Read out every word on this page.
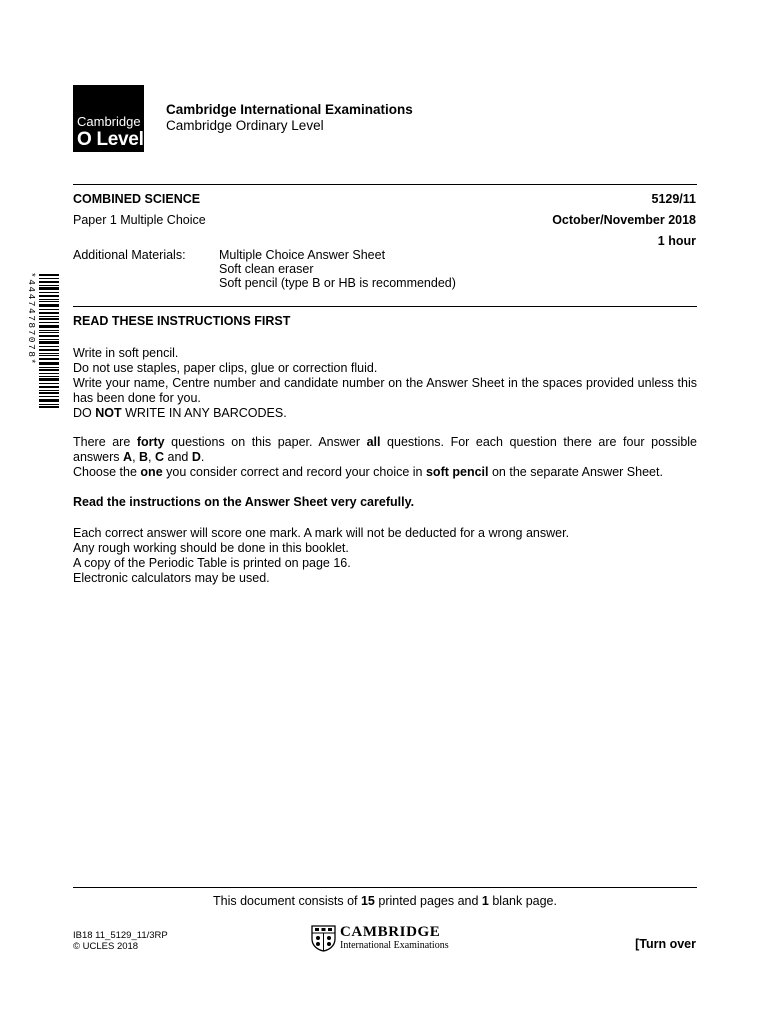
Cambridge
O Level
Cambridge International Examinations
Cambridge Ordinary Level
COMBINED SCIENCE	5129/11
Paper 1 Multiple Choice	October/November 2018
1 hour
Additional Materials:	Multiple Choice Answer Sheet
Soft clean eraser
Soft pencil (type B or HB is recommended)
*4447478707​8*	READ THESE INSTRUCTIONS FIRST

Write in soft pencil.

Do not use staples, paper clips, glue or correction fluid.

Write your name, Centre number and candidate number on the Answer Sheet in the spaces provided unless this has been done for you.

DO NOT WRITE IN ANY BARCODES.

There are forty questions on this paper. Answer all questions. For each question there are four possible answers A, B, C and D.

Choose the one you consider correct and record your choice in soft pencil on the separate Answer Sheet.

Read the instructions on the Answer Sheet very carefully.

Each correct answer will score one mark. A mark will not be deducted for a wrong answer.

Any rough working should be done in this booklet.

A copy of the Periodic Table is printed on page 16.

Electronic calculators may be used.

This document consists of 15 printed pages and 1 blank page.
IB18 11_5129_11/3RP
© UCLES 2018
CAMBRIDGE
International Examinations	[Turn over
